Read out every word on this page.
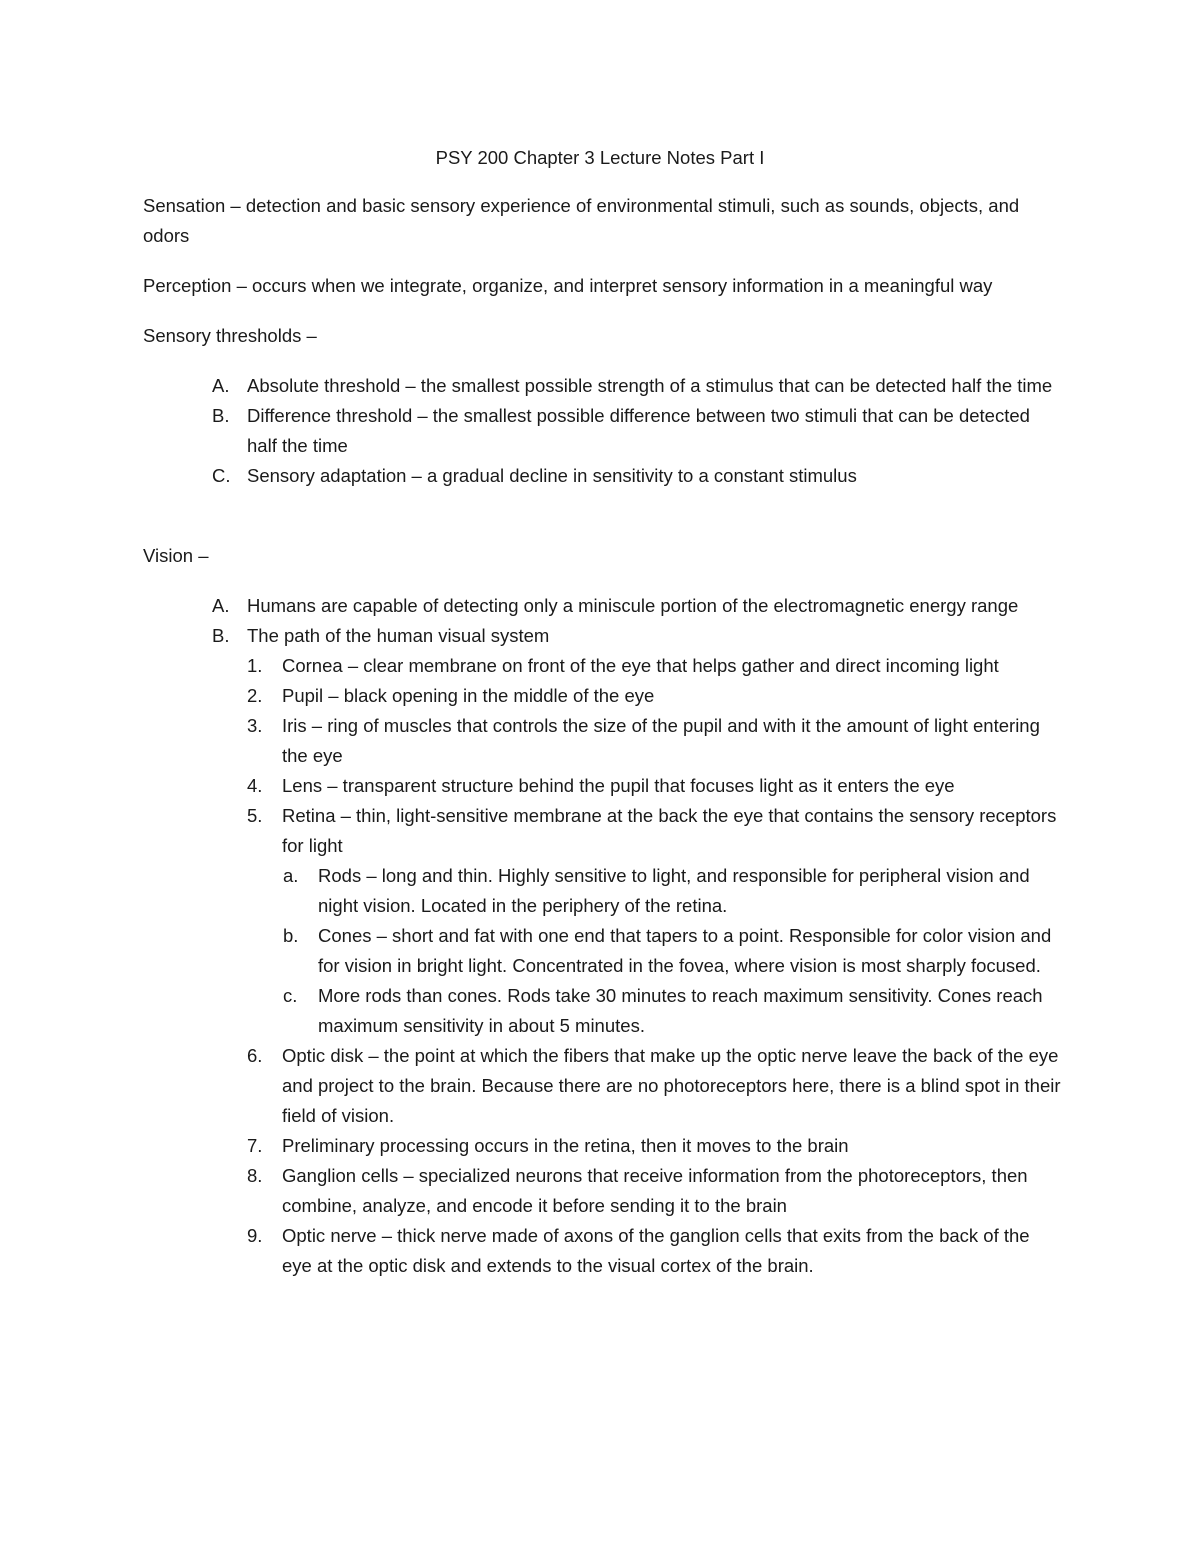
PSY 200 Chapter 3 Lecture Notes Part I
Sensation – detection and basic sensory experience of environmental stimuli, such as sounds, objects, and odors
Perception – occurs when we integrate, organize, and interpret sensory information in a meaningful way
Sensory thresholds –
A. Absolute threshold – the smallest possible strength of a stimulus that can be detected half the time
B. Difference threshold – the smallest possible difference between two stimuli that can be detected half the time
C. Sensory adaptation – a gradual decline in sensitivity to a constant stimulus
Vision –
A. Humans are capable of detecting only a miniscule portion of the electromagnetic energy range
B. The path of the human visual system
1. Cornea – clear membrane on front of the eye that helps gather and direct incoming light
2. Pupil – black opening in the middle of the eye
3. Iris – ring of muscles that controls the size of the pupil and with it the amount of light entering the eye
4. Lens – transparent structure behind the pupil that focuses light as it enters the eye
5. Retina – thin, light-sensitive membrane at the back the eye that contains the sensory receptors for light
a. Rods – long and thin. Highly sensitive to light, and responsible for peripheral vision and night vision. Located in the periphery of the retina.
b. Cones – short and fat with one end that tapers to a point. Responsible for color vision and for vision in bright light. Concentrated in the fovea, where vision is most sharply focused.
c. More rods than cones. Rods take 30 minutes to reach maximum sensitivity. Cones reach maximum sensitivity in about 5 minutes.
6. Optic disk – the point at which the fibers that make up the optic nerve leave the back of the eye and project to the brain. Because there are no photoreceptors here, there is a blind spot in their field of vision.
7. Preliminary processing occurs in the retina, then it moves to the brain
8. Ganglion cells – specialized neurons that receive information from the photoreceptors, then combine, analyze, and encode it before sending it to the brain
9. Optic nerve – thick nerve made of axons of the ganglion cells that exits from the back of the eye at the optic disk and extends to the visual cortex of the brain.
